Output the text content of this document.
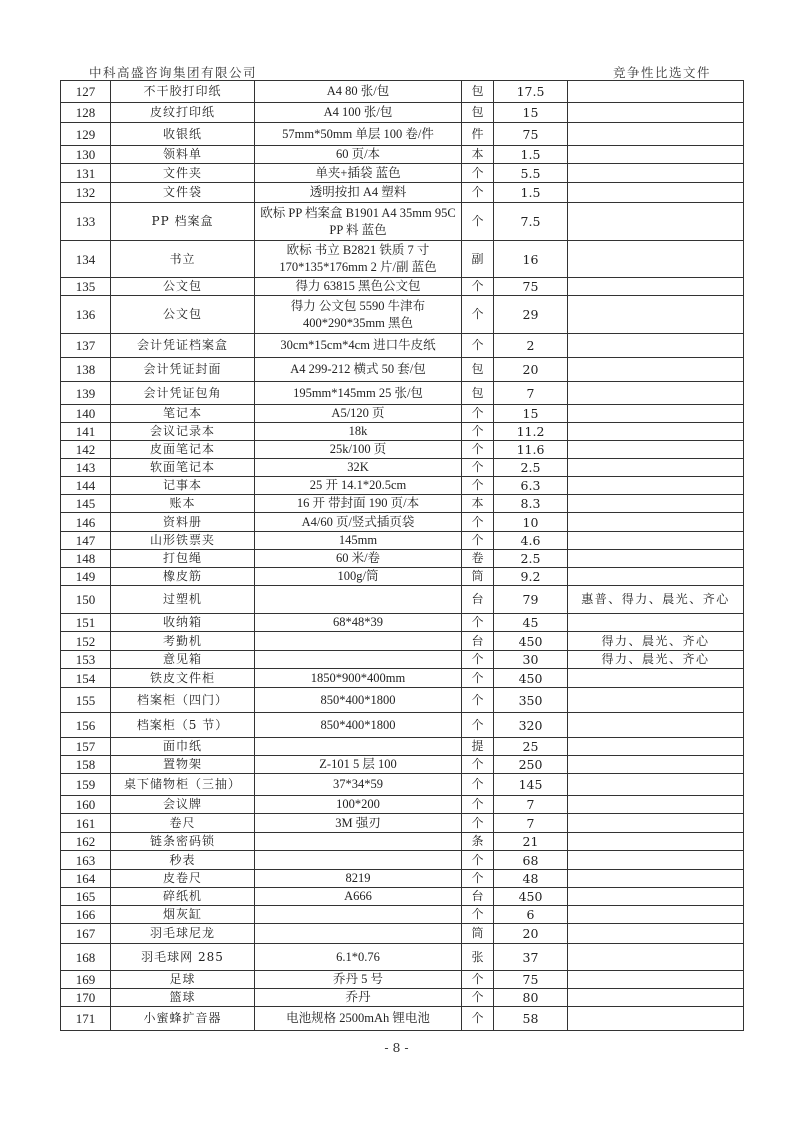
中科高盛咨询集团有限公司	竞争性比选文件
127	不干胶打印纸	A4 80 张/包	包	17.5	
128	皮纹打印纸	A4 100 张/包	包	15	
129	收银纸	57mm*50mm 单层 100 卷/件	件	75	
130	领料单	60 页/本	本	1.5	
131	文件夹	单夹+插袋 蓝色	个	5.5	
132	文件袋	透明按扣 A4 塑料	个	1.5	
133	PP 档案盒	欧标 PP 档案盒 B1901 A4 35mm 95C PP 料 蓝色	个	7.5	
134	书立	欧标 书立 B2821 铁质 7 寸 170*135*176mm 2 片/副 蓝色	副	16	
135	公文包	得力 63815 黑色公文包	个	75	
136	公文包	得力 公文包 5590 牛津布 400*290*35mm 黑色	个	29	
137	会计凭证档案盒	30cm*15cm*4cm 进口牛皮纸	个	2	
138	会计凭证封面	A4 299-212 横式 50 套/包	包	20	
139	会计凭证包角	195mm*145mm 25 张/包	包	7	
140	笔记本	A5/120 页	个	15	
141	会议记录本	18k	个	11.2	
142	皮面笔记本	25k/100 页	个	11.6	
143	软面笔记本	32K	个	2.5	
144	记事本	25 开 14.1*20.5cm	个	6.3	
145	账本	16 开 带封面 190 页/本	本	8.3	
146	资料册	A4/60 页/竖式插页袋	个	10	
147	山形铁票夹	145mm	个	4.6	
148	打包绳	60 米/卷	卷	2.5	
149	橡皮筋	100g/筒	筒	9.2	
150	过塑机		台	79	惠普、得力、晨光、齐心
151	收纳箱	68*48*39	个	45	
152	考勤机		台	450	得力、晨光、齐心
153	意见箱		个	30	得力、晨光、齐心
154	铁皮文件柜	1850*900*400mm	个	450	
155	档案柜（四门）	850*400*1800	个	350	
156	档案柜（5 节）	850*400*1800	个	320	
157	面巾纸		提	25	
158	置物架	Z-101 5 层 100	个	250	
159	桌下储物柜（三抽）	37*34*59	个	145	
160	会议牌	100*200	个	7	
161	卷尺	3M 强刃	个	7	
162	链条密码锁		条	21	
163	秒表		个	68	
164	皮卷尺	8219	个	48	
165	碎纸机	A666	台	450	
166	烟灰缸		个	6	
167	羽毛球尼龙		筒	20	
168	羽毛球网 285	6.1*0.76	张	37	
169	足球	乔丹 5 号	个	75	
170	篮球	乔丹	个	80	
171	小蜜蜂扩音器	电池规格 2500mAh 锂电池	个	58	
- 8 -
